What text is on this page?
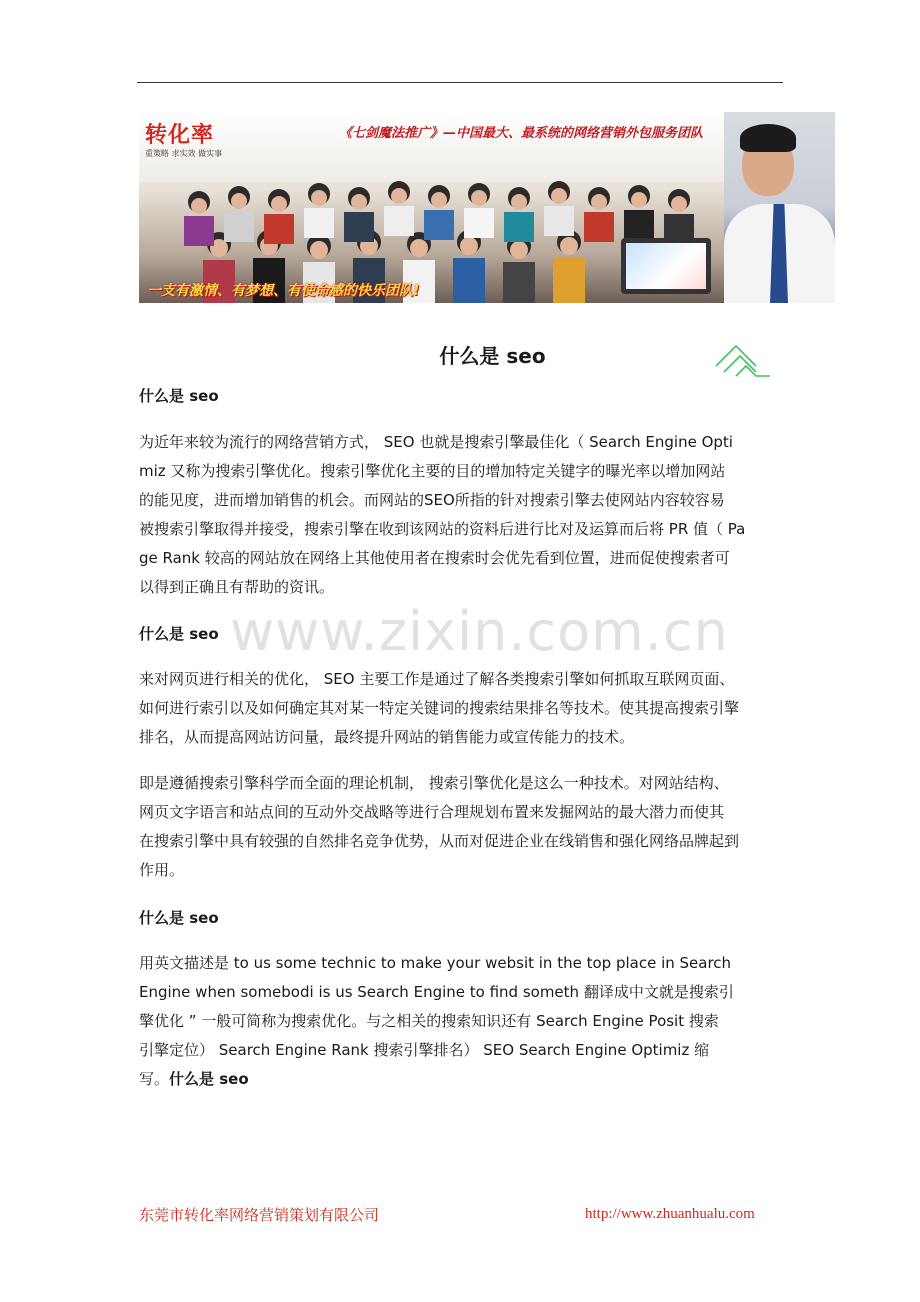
转化率
重策略 求实效 做实事
《七剑魔法推广》—中国最大、最系统的网络营销外包服务团队
一支有激情、有梦想、有使命感的快乐团队!
什么是 seo
www.zixin.com.cn
什么是 seo
为近年来较为流行的网络营销方式， SEO 也就是搜索引擎最佳化（ Search Engine Opti
miz 又称为搜索引擎优化。搜索引擎优化主要的目的增加特定关键字的曝光率以增加网站
的能见度，进而增加销售的机会。而网站的SEO所指的针对搜索引擎去使网站内容较容易
被搜索引擎取得并接受，搜索引擎在收到该网站的资料后进行比对及运算而后将 PR 值（ Pa
ge Rank 较高的网站放在网络上其他使用者在搜索时会优先看到位置，进而促使搜索者可
以得到正确且有帮助的资讯。
什么是 seo
来对网页进行相关的优化， SEO 主要工作是通过了解各类搜索引擎如何抓取互联网页面、
如何进行索引以及如何确定其对某一特定关键词的搜索结果排名等技术。使其提高搜索引擎
排名，从而提高网站访问量，最终提升网站的销售能力或宣传能力的技术。
即是遵循搜索引擎科学而全面的理论机制， 搜索引擎优化是这么一种技术。对网站结构、
网页文字语言和站点间的互动外交战略等进行合理规划布置来发掘网站的最大潜力而使其
在搜索引擎中具有较强的自然排名竞争优势，从而对促进企业在线销售和强化网络品牌起到
作用。
什么是 seo
用英文描述是 to us some technic to make your websit in the top place in Search
Engine when somebodi is us Search Engine to find someth 翻译成中文就是搜索引
擎优化 ” 一般可简称为搜索优化。与之相关的搜索知识还有 Search Engine Posit 搜索
引擎定位） Search Engine Rank 搜索引擎排名） SEO Search Engine Optimiz 缩
写。什么是 seo
东莞市转化率网络营销策划有限公司	http://www.zhuanhualu.com
